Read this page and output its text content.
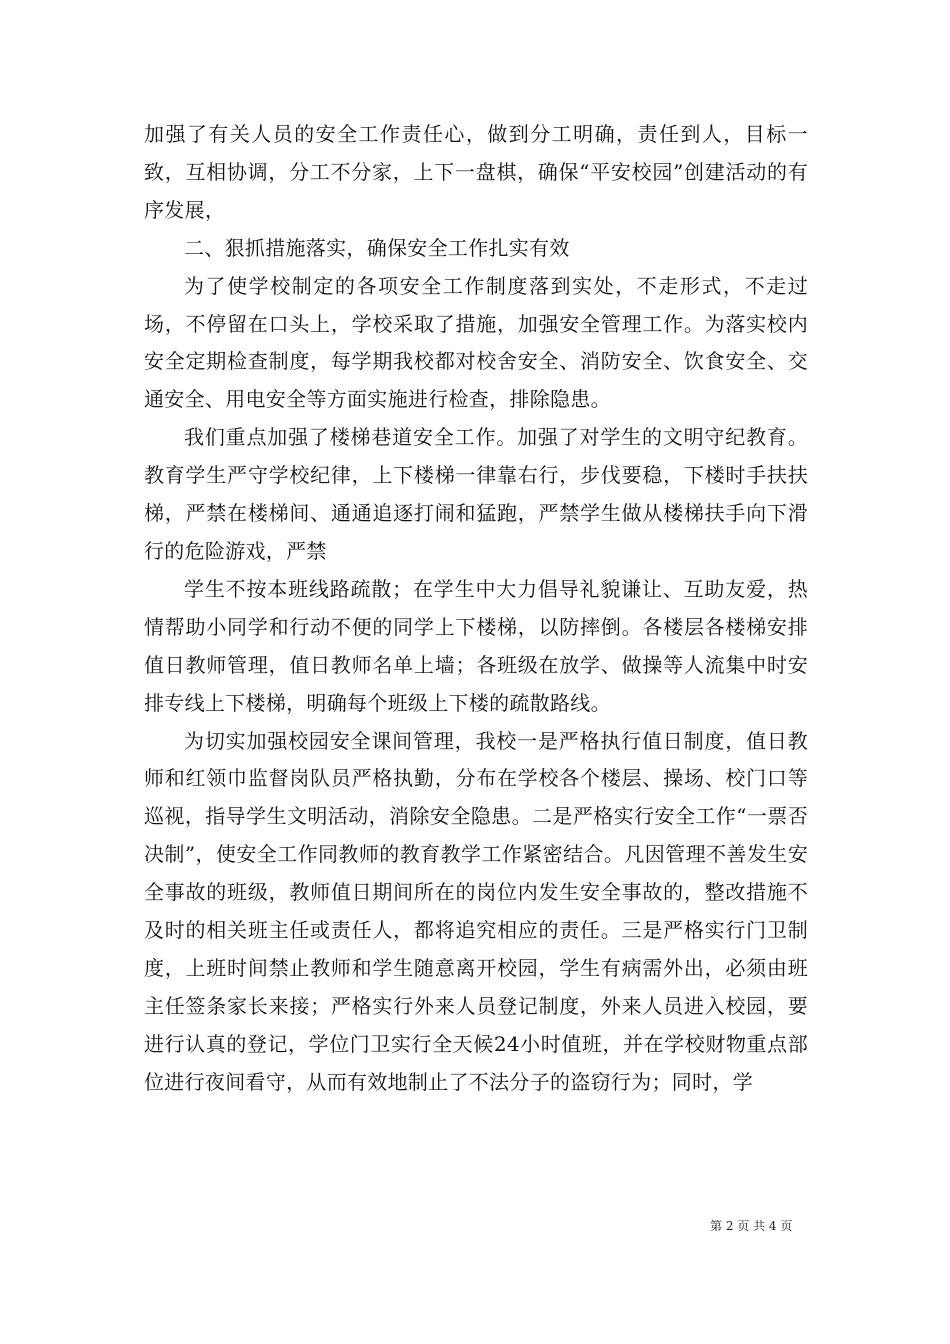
加强了有关人员的安全工作责任心，做到分工明确，责任到人，目标一致，互相协调，分工不分家，上下一盘棋，确保“平安校园”创建活动的有序发展，

二、狠抓措施落实，确保安全工作扎实有效

为了使学校制定的各项安全工作制度落到实处，不走形式，不走过场，不停留在口头上，学校采取了措施，加强安全管理工作。为落实校内安全定期检查制度，每学期我校都对校舍安全、消防安全、饮食安全、交通安全、用电安全等方面实施进行检查，排除隐患。

我们重点加强了楼梯巷道安全工作。加强了对学生的文明守纪教育。教育学生严守学校纪律，上下楼梯一律靠右行，步伐要稳，下楼时手扶扶梯，严禁在楼梯间、通通追逐打闹和猛跑，严禁学生做从楼梯扶手向下滑行的危险游戏，严禁

学生不按本班线路疏散；在学生中大力倡导礼貌谦让、互助友爱，热情帮助小同学和行动不便的同学上下楼梯，以防摔倒。各楼层各楼梯安排值日教师管理，值日教师名单上墙；各班级在放学、做操等人流集中时安排专线上下楼梯，明确每个班级上下楼的疏散路线。

为切实加强校园安全课间管理，我校一是严格执行值日制度，值日教师和红领巾监督岗队员严格执勤，分布在学校各个楼层、操场、校门口等巡视，指导学生文明活动，消除安全隐患。二是严格实行安全工作“一票否决制”，使安全工作同教师的教育教学工作紧密结合。凡因管理不善发生安全事故的班级，教师值日期间所在的岗位内发生安全事故的，整改措施不及时的相关班主任或责任人，都将追究相应的责任。三是严格实行门卫制度，上班时间禁止教师和学生随意离开校园，学生有病需外出，必须由班主任签条家长来接；严格实行外来人员登记制度，外来人员进入校园，要进行认真的登记，学位门卫实行全天候24小时值班，并在学校财物重点部位进行夜间看守，从而有效地制止了不法分子的盗窃行为；同时，学

第 2 页 共 4 页
